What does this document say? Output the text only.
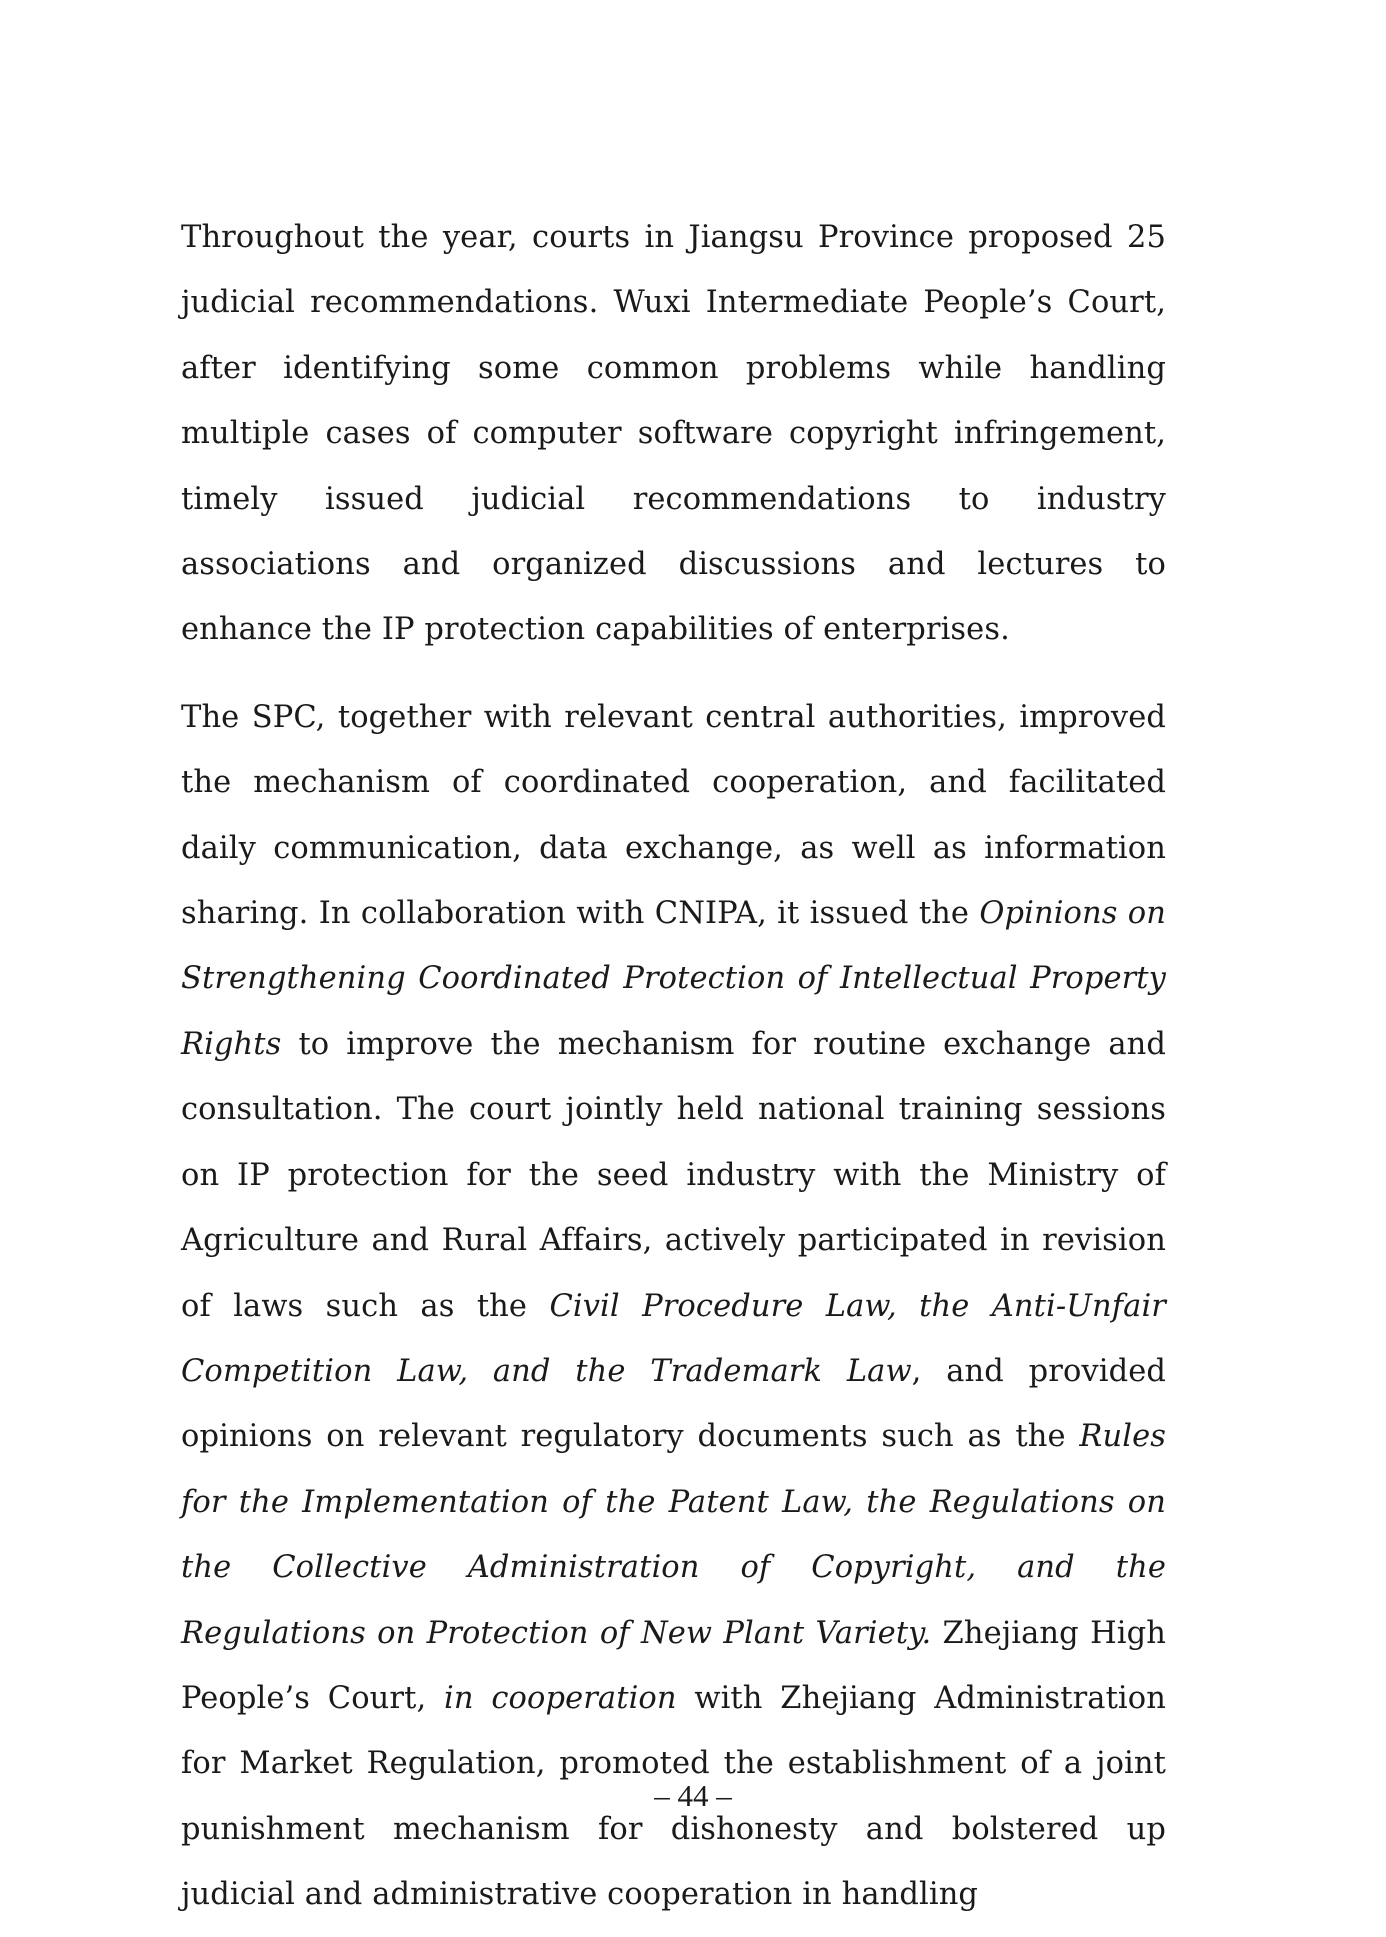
Throughout the year, courts in Jiangsu Province proposed 25 judicial recommendations. Wuxi Intermediate People’s Court, after identifying some common problems while handling multiple cases of computer software copyright infringement, timely issued judicial recommendations to industry associations and organized discussions and lectures to enhance the IP protection capabilities of enterprises.

The SPC, together with relevant central authorities, improved the mechanism of coordinated cooperation, and facilitated daily communication, data exchange, as well as information sharing. In collaboration with CNIPA, it issued the Opinions on Strengthening Coordinated Protection of Intellectual Property Rights to improve the mechanism for routine exchange and consultation. The court jointly held national training sessions on IP protection for the seed industry with the Ministry of Agriculture and Rural Affairs, actively participated in revision of laws such as the Civil Procedure Law, the Anti-Unfair Competition Law, and the Trademark Law, and provided opinions on relevant regulatory documents such as the Rules for the Implementation of the Patent Law, the Regulations on the Collective Administration of Copyright, and the Regulations on Protection of New Plant Variety. Zhejiang High People’s Court, in cooperation with Zhejiang Administration for Market Regulation, promoted the establishment of a joint punishment mechanism for dishonesty and bolstered up judicial and administrative cooperation in handling

– 44 –
